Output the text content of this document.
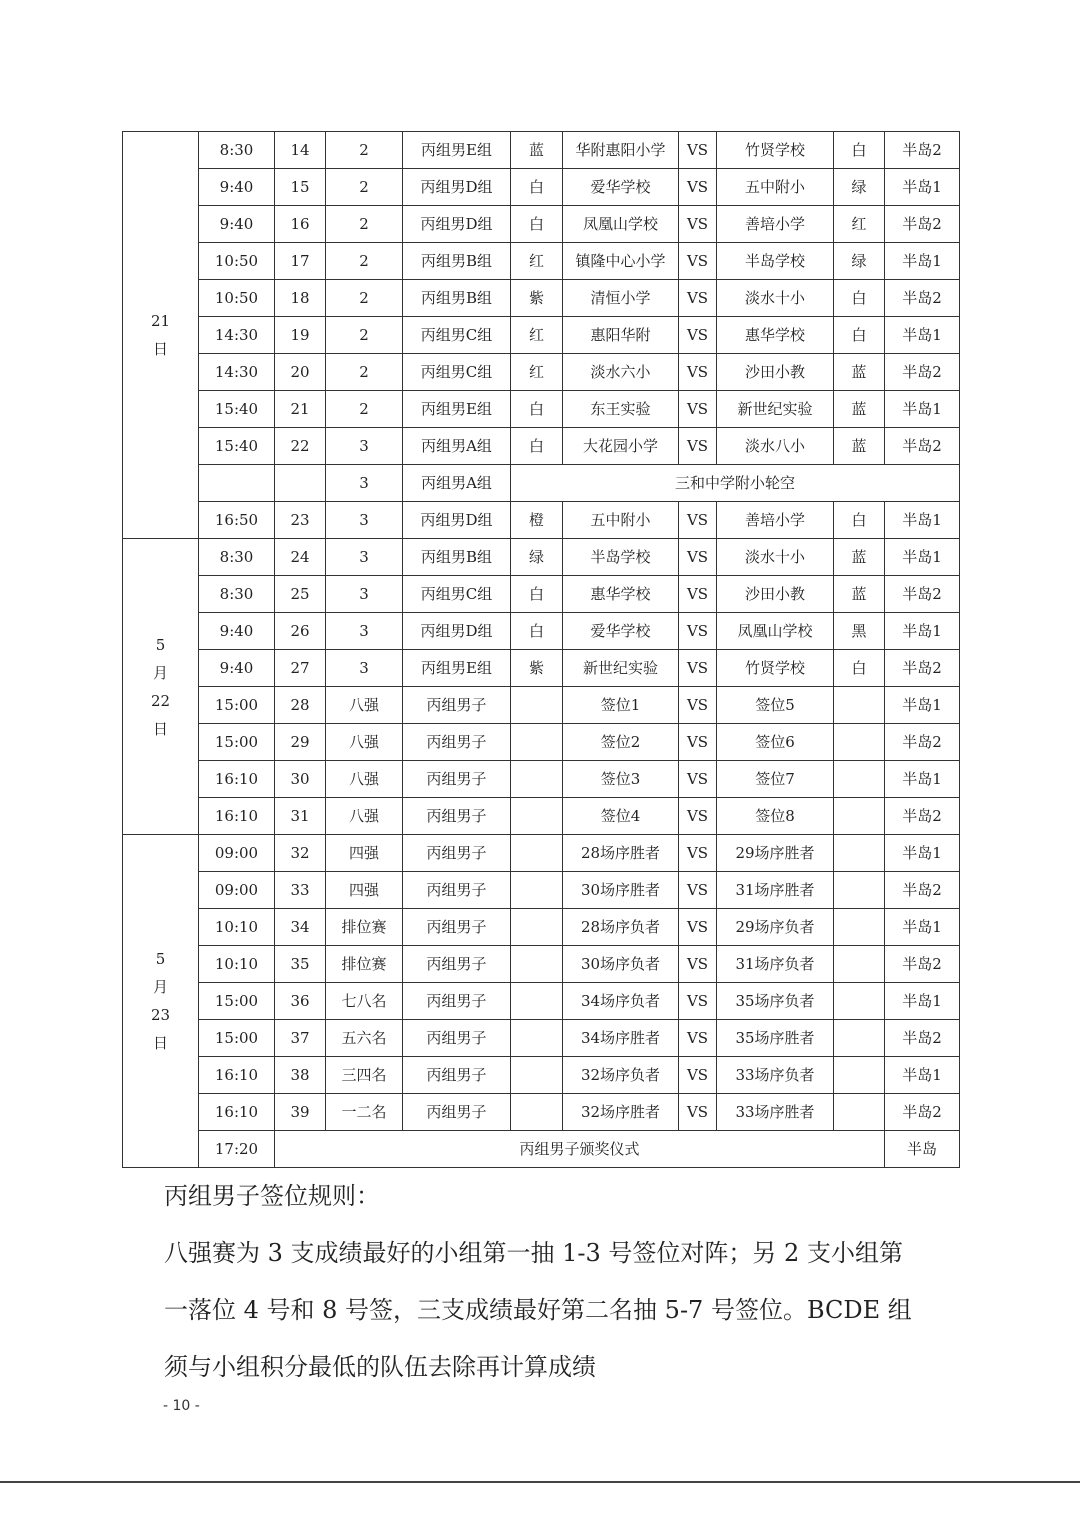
21
日	8:30	14	2	丙组男E组	蓝	华附惠阳小学	VS	竹贤学校	白	半岛2
	9:40	15	2	丙组男D组	白	爱华学校	VS	五中附小	绿	半岛1
	9:40	16	2	丙组男D组	白	凤凰山学校	VS	善培小学	红	半岛2
	10:50	17	2	丙组男B组	红	镇隆中心小学	VS	半岛学校	绿	半岛1
	10:50	18	2	丙组男B组	紫	清恒小学	VS	淡水十小	白	半岛2
	14:30	19	2	丙组男C组	红	惠阳华附	VS	惠华学校	白	半岛1
	14:30	20	2	丙组男C组	红	淡水六小	VS	沙田小教	蓝	半岛2
	15:40	21	2	丙组男E组	白	东王实验	VS	新世纪实验	蓝	半岛1
	15:40	22	3	丙组男A组	白	大花园小学	VS	淡水八小	蓝	半岛2
			3	丙组男A组	三和中学附小轮空					
	16:50	23	3	丙组男D组	橙	五中附小	VS	善培小学	白	半岛1

5
月
22
日	8:30	24	3	丙组男B组	绿	半岛学校	VS	淡水十小	蓝	半岛1
	8:30	25	3	丙组男C组	白	惠华学校	VS	沙田小教	蓝	半岛2
	9:40	26	3	丙组男D组	白	爱华学校	VS	凤凰山学校	黑	半岛1
	9:40	27	3	丙组男E组	紫	新世纪实验	VS	竹贤学校	白	半岛2
	15:00	28	八强	丙组男子		签位1	VS	签位5		半岛1
	15:00	29	八强	丙组男子		签位2	VS	签位6		半岛2
	16:10	30	八强	丙组男子		签位3	VS	签位7		半岛1
	16:10	31	八强	丙组男子		签位4	VS	签位8		半岛2

5
月
23
日	09:00	32	四强	丙组男子		28场序胜者	VS	29场序胜者		半岛1
	09:00	33	四强	丙组男子		30场序胜者	VS	31场序胜者		半岛2
	10:10	34	排位赛	丙组男子		28场序负者	VS	29场序负者		半岛1
	10:10	35	排位赛	丙组男子		30场序负者	VS	31场序负者		半岛2
	15:00	36	七八名	丙组男子		34场序负者	VS	35场序负者		半岛1
	15:00	37	五六名	丙组男子		34场序胜者	VS	35场序胜者		半岛2
	16:10	38	三四名	丙组男子		32场序负者	VS	33场序负者		半岛1
	16:10	39	一二名	丙组男子		32场序胜者	VS	33场序胜者		半岛2
	17:20	丙组男子颁奖仪式								半岛

丙组男子签位规则：

八强赛为 3 支成绩最好的小组第一抽 1-3 号签位对阵；另 2 支小组第

一落位 4 号和 8 号签，三支成绩最好第二名抽 5-7 号签位。BCDE 组

须与小组积分最低的队伍去除再计算成绩

- 10 -
